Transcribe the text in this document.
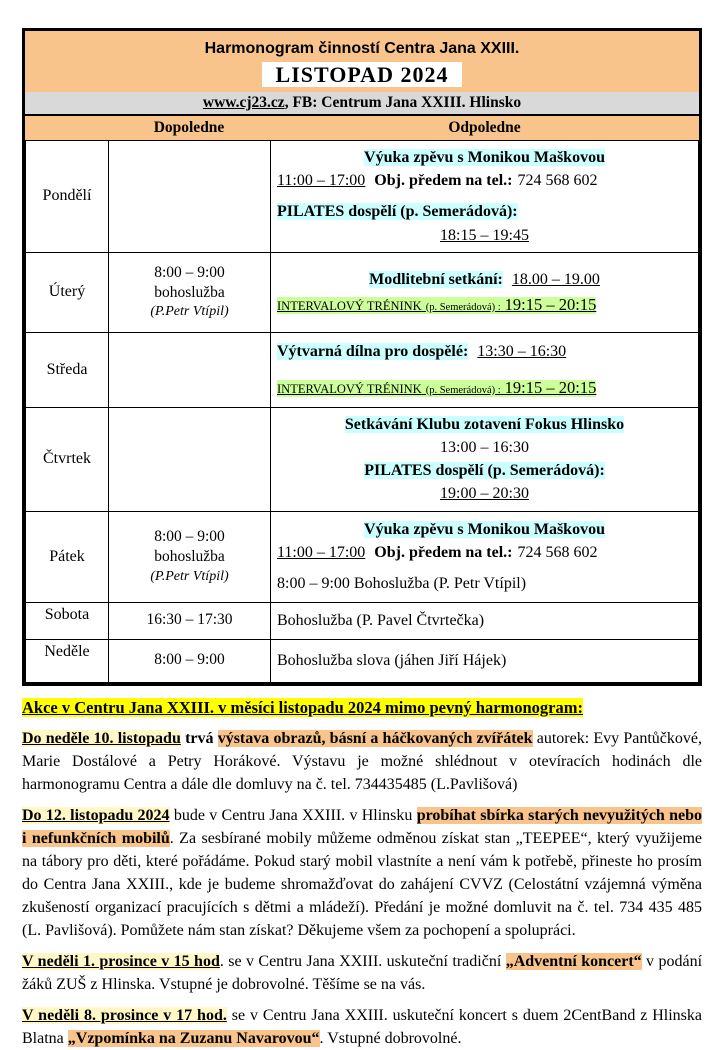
Harmonogram činností Centra Jana XXIII.
LISTOPAD 2024
www.cj23.cz, FB: Centrum Jana XXIII. Hlinsko
Dopoledne	Odpoledne
Pondělí		Výuka zpěvu s Monikou Maškovou
11:00 – 17:00 Obj. předem na tel.: 724 568 602
PILATES dospělí (p. Semerádová):
18:15 – 19:45

Úterý	8:00 – 9:00
bohoslužba
(P.Petr Vtípil)	Modlitební setkání: 18.00 – 19.00
INTERVALOVÝ TRÉNINK (p. Semerádová) : 19:15 – 20:15

Středa		Výtvarná dílna pro dospělé: 13:30 – 16:30
INTERVALOVÝ TRÉNINK (p. Semerádová) : 19:15 – 20:15

Čtvrtek		Setkávání Klubu zotavení Fokus Hlinsko
13:00 – 16:30
PILATES dospělí (p. Semerádová):
19:00 – 20:30

Pátek	8:00 – 9:00
bohoslužba
(P.Petr Vtípil)	Výuka zpěvu s Monikou Maškovou
11:00 – 17:00 Obj. předem na tel.: 724 568 602
8:00 – 9:00 Bohoslužba (P. Petr Vtípil)

Sobota	16:30 – 17:30	Bohoslužba (P. Pavel Čtvrtečka)
Neděle	8:00 – 9:00	Bohoslužba slova (jáhen Jiří Hájek)
Akce v Centru Jana XXIII. v měsíci listopadu 2024 mimo pevný harmonogram:

Do neděle 10. listopadu trvá výstava obrazů, básní a háčkovaných zvířátek autorek: Evy Pantůčkové, Marie Dostálové a Petry Horákové. Výstavu je možné shlédnout v otevíracích hodinách dle harmonogramu Centra a dále dle domluvy na č. tel. 734435485 (L.Pavlišová)

Do 12. listopadu 2024 bude v Centru Jana XXIII. v Hlinsku probíhat sbírka starých nevyužitých nebo i nefunkčních mobilů. Za sesbírané mobily můžeme odměnou získat stan „TEEPEE“, který využijeme na tábory pro děti, které pořádáme. Pokud starý mobil vlastníte a není vám k potřebě, přineste ho prosím do Centra Jana XXIII., kde je budeme shromažďovat do zahájení CVVZ (Celostátní vzájemná výměna zkušeností organizací pracujících s dětmi a mládeží). Předání je možné domluvit na č. tel. 734 435 485 (L. Pavlišová). Pomůžete nám stan získat? Děkujeme všem za pochopení a spolupráci.

V neděli 1. prosince v 15 hod. se v Centru Jana XXIII. uskuteční tradiční „Adventní koncert“ v podání žáků ZUŠ z Hlinska. Vstupné je dobrovolné. Těšíme se na vás.

V neděli 8. prosince v 17 hod. se v Centru Jana XXIII. uskuteční koncert s duem 2CentBand z Hlinska Blatna „Vzpomínka na Zuzanu Navarovou“. Vstupné dobrovolné.
